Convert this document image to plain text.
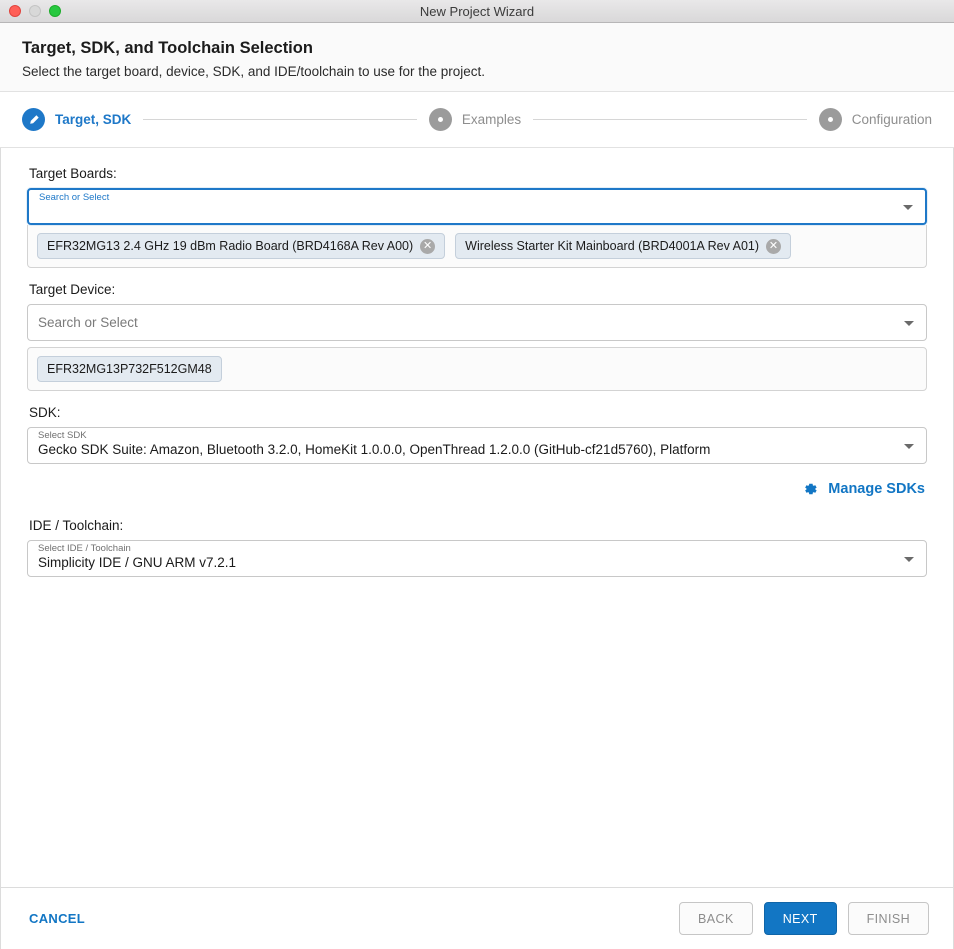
New Project Wizard
Target, SDK, and Toolchain Selection

Select the target board, device, SDK, and IDE/toolchain to use for the project.

Target, SDK	Examples	Configuration
Target Boards:
Search or Select
EFR32MG13 2.4 GHz 19 dBm Radio Board (BRD4168A Rev A00) ✕	Wireless Starter Kit Mainboard (BRD4001A Rev A01) ✕
Target Device:
Search or Select
EFR32MG13P732F512GM48
SDK:
Select SDK
Gecko SDK Suite: Amazon, Bluetooth 3.2.0, HomeKit 1.0.0.0, OpenThread 1.2.0.0 (GitHub-cf21d5760), Platform
Manage SDKs
IDE / Toolchain:
Select IDE / Toolchain
Simplicity IDE / GNU ARM v7.2.1
CANCEL	BACK	NEXT	FINISH
